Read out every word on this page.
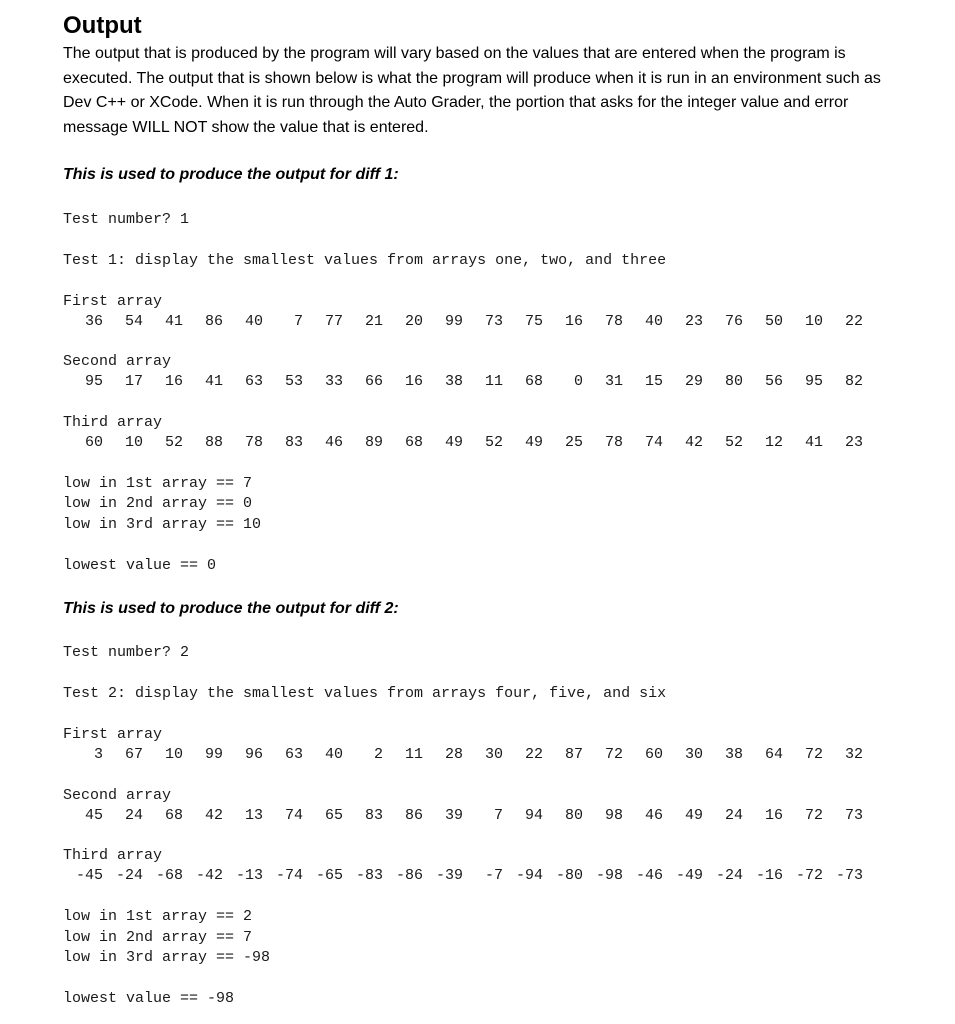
Output

The output that is produced by the program will vary based on the values that are entered when the program is executed. The output that is shown below is what the program will produce when it is run in an environment such as Dev C++ or XCode. When it is run through the Auto Grader, the portion that asks for the integer value and error message WILL NOT show the value that is entered.

This is used to produce the output for diff 1:

Test number? 1
Test 1: display the smallest values from arrays one, two, and three
First array
36	54	41	86	40	7	77	21	20	99	73	75	16	78	40	23	76	50	10	22
Second array
95	17	16	41	63	53	33	66	16	38	11	68	0	31	15	29	80	56	95	82
Third array
60	10	52	88	78	83	46	89	68	49	52	49	25	78	74	42	52	12	41	23
low in 1st array == 7
low in 2nd array == 0
low in 3rd array == 10
lowest value == 0

This is used to produce the output for diff 2:

Test number? 2
Test 2: display the smallest values from arrays four, five, and six
First array
3	67	10	99	96	63	40	2	11	28	30	22	87	72	60	30	38	64	72	32
Second array
45	24	68	42	13	74	65	83	86	39	7	94	80	98	46	49	24	16	72	73
Third array
-45 -24 -68 -42 -13 -74 -65 -83 -86 -39	-7 -94 -80 -98 -46 -49 -24 -16 -72 -73
low in 1st array == 2
low in 2nd array == 7
low in 3rd array == -98
lowest value == -98
